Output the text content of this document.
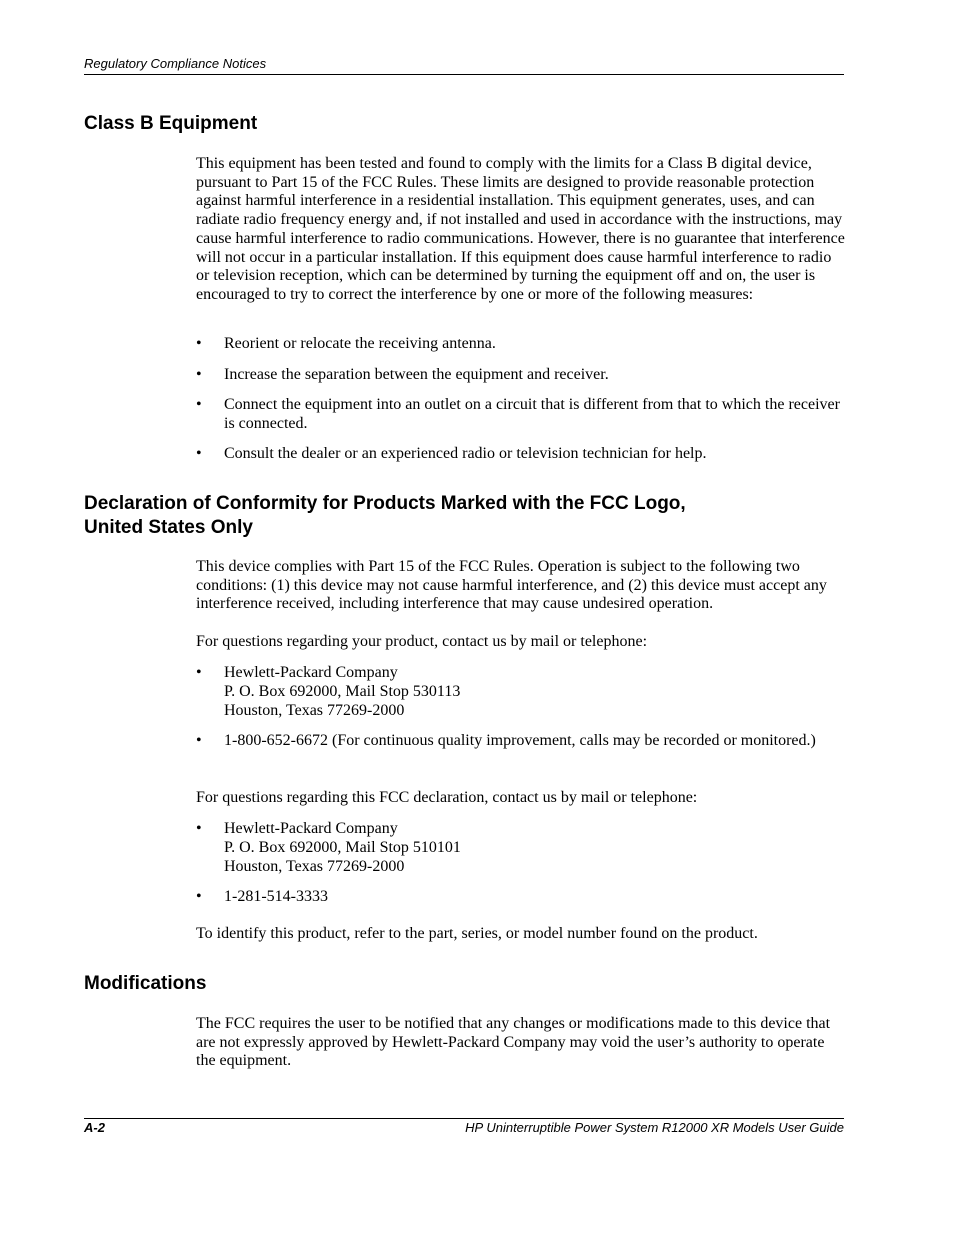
Regulatory Compliance Notices
Class B Equipment

This equipment has been tested and found to comply with the limits for a Class B digital device, pursuant to Part 15 of the FCC Rules. These limits are designed to provide reasonable protection against harmful interference in a residential installation. This equipment generates, uses, and can radiate radio frequency energy and, if not installed and used in accordance with the instructions, may cause harmful interference to radio communications. However, there is no guarantee that interference will not occur in a particular installation. If this equipment does cause harmful interference to radio or television reception, which can be determined by turning the equipment off and on, the user is encouraged to try to correct the interference by one or more of the following measures:

• Reorient or relocate the receiving antenna.
• Increase the separation between the equipment and receiver.
• Connect the equipment into an outlet on a circuit that is different from that to which the receiver is connected.
• Consult the dealer or an experienced radio or television technician for help.
Declaration of Conformity for Products Marked with the FCC Logo,
United States Only

This device complies with Part 15 of the FCC Rules. Operation is subject to the following two conditions: (1) this device may not cause harmful interference, and (2) this device must accept any interference received, including interference that may cause undesired operation.

For questions regarding your product, contact us by mail or telephone:

• Hewlett-Packard Company
P. O. Box 692000, Mail Stop 530113
Houston, Texas 77269-2000
• 1-800-652-6672 (For continuous quality improvement, calls may be recorded or monitored.)

For questions regarding this FCC declaration, contact us by mail or telephone:

• Hewlett-Packard Company
P. O. Box 692000, Mail Stop 510101
Houston, Texas 77269-2000
• 1-281-514-3333

To identify this product, refer to the part, series, or model number found on the product.

Modifications

The FCC requires the user to be notified that any changes or modifications made to this device that are not expressly approved by Hewlett-Packard Company may void the user’s authority to operate the equipment.

A-2	HP Uninterruptible Power System R12000 XR Models User Guide
